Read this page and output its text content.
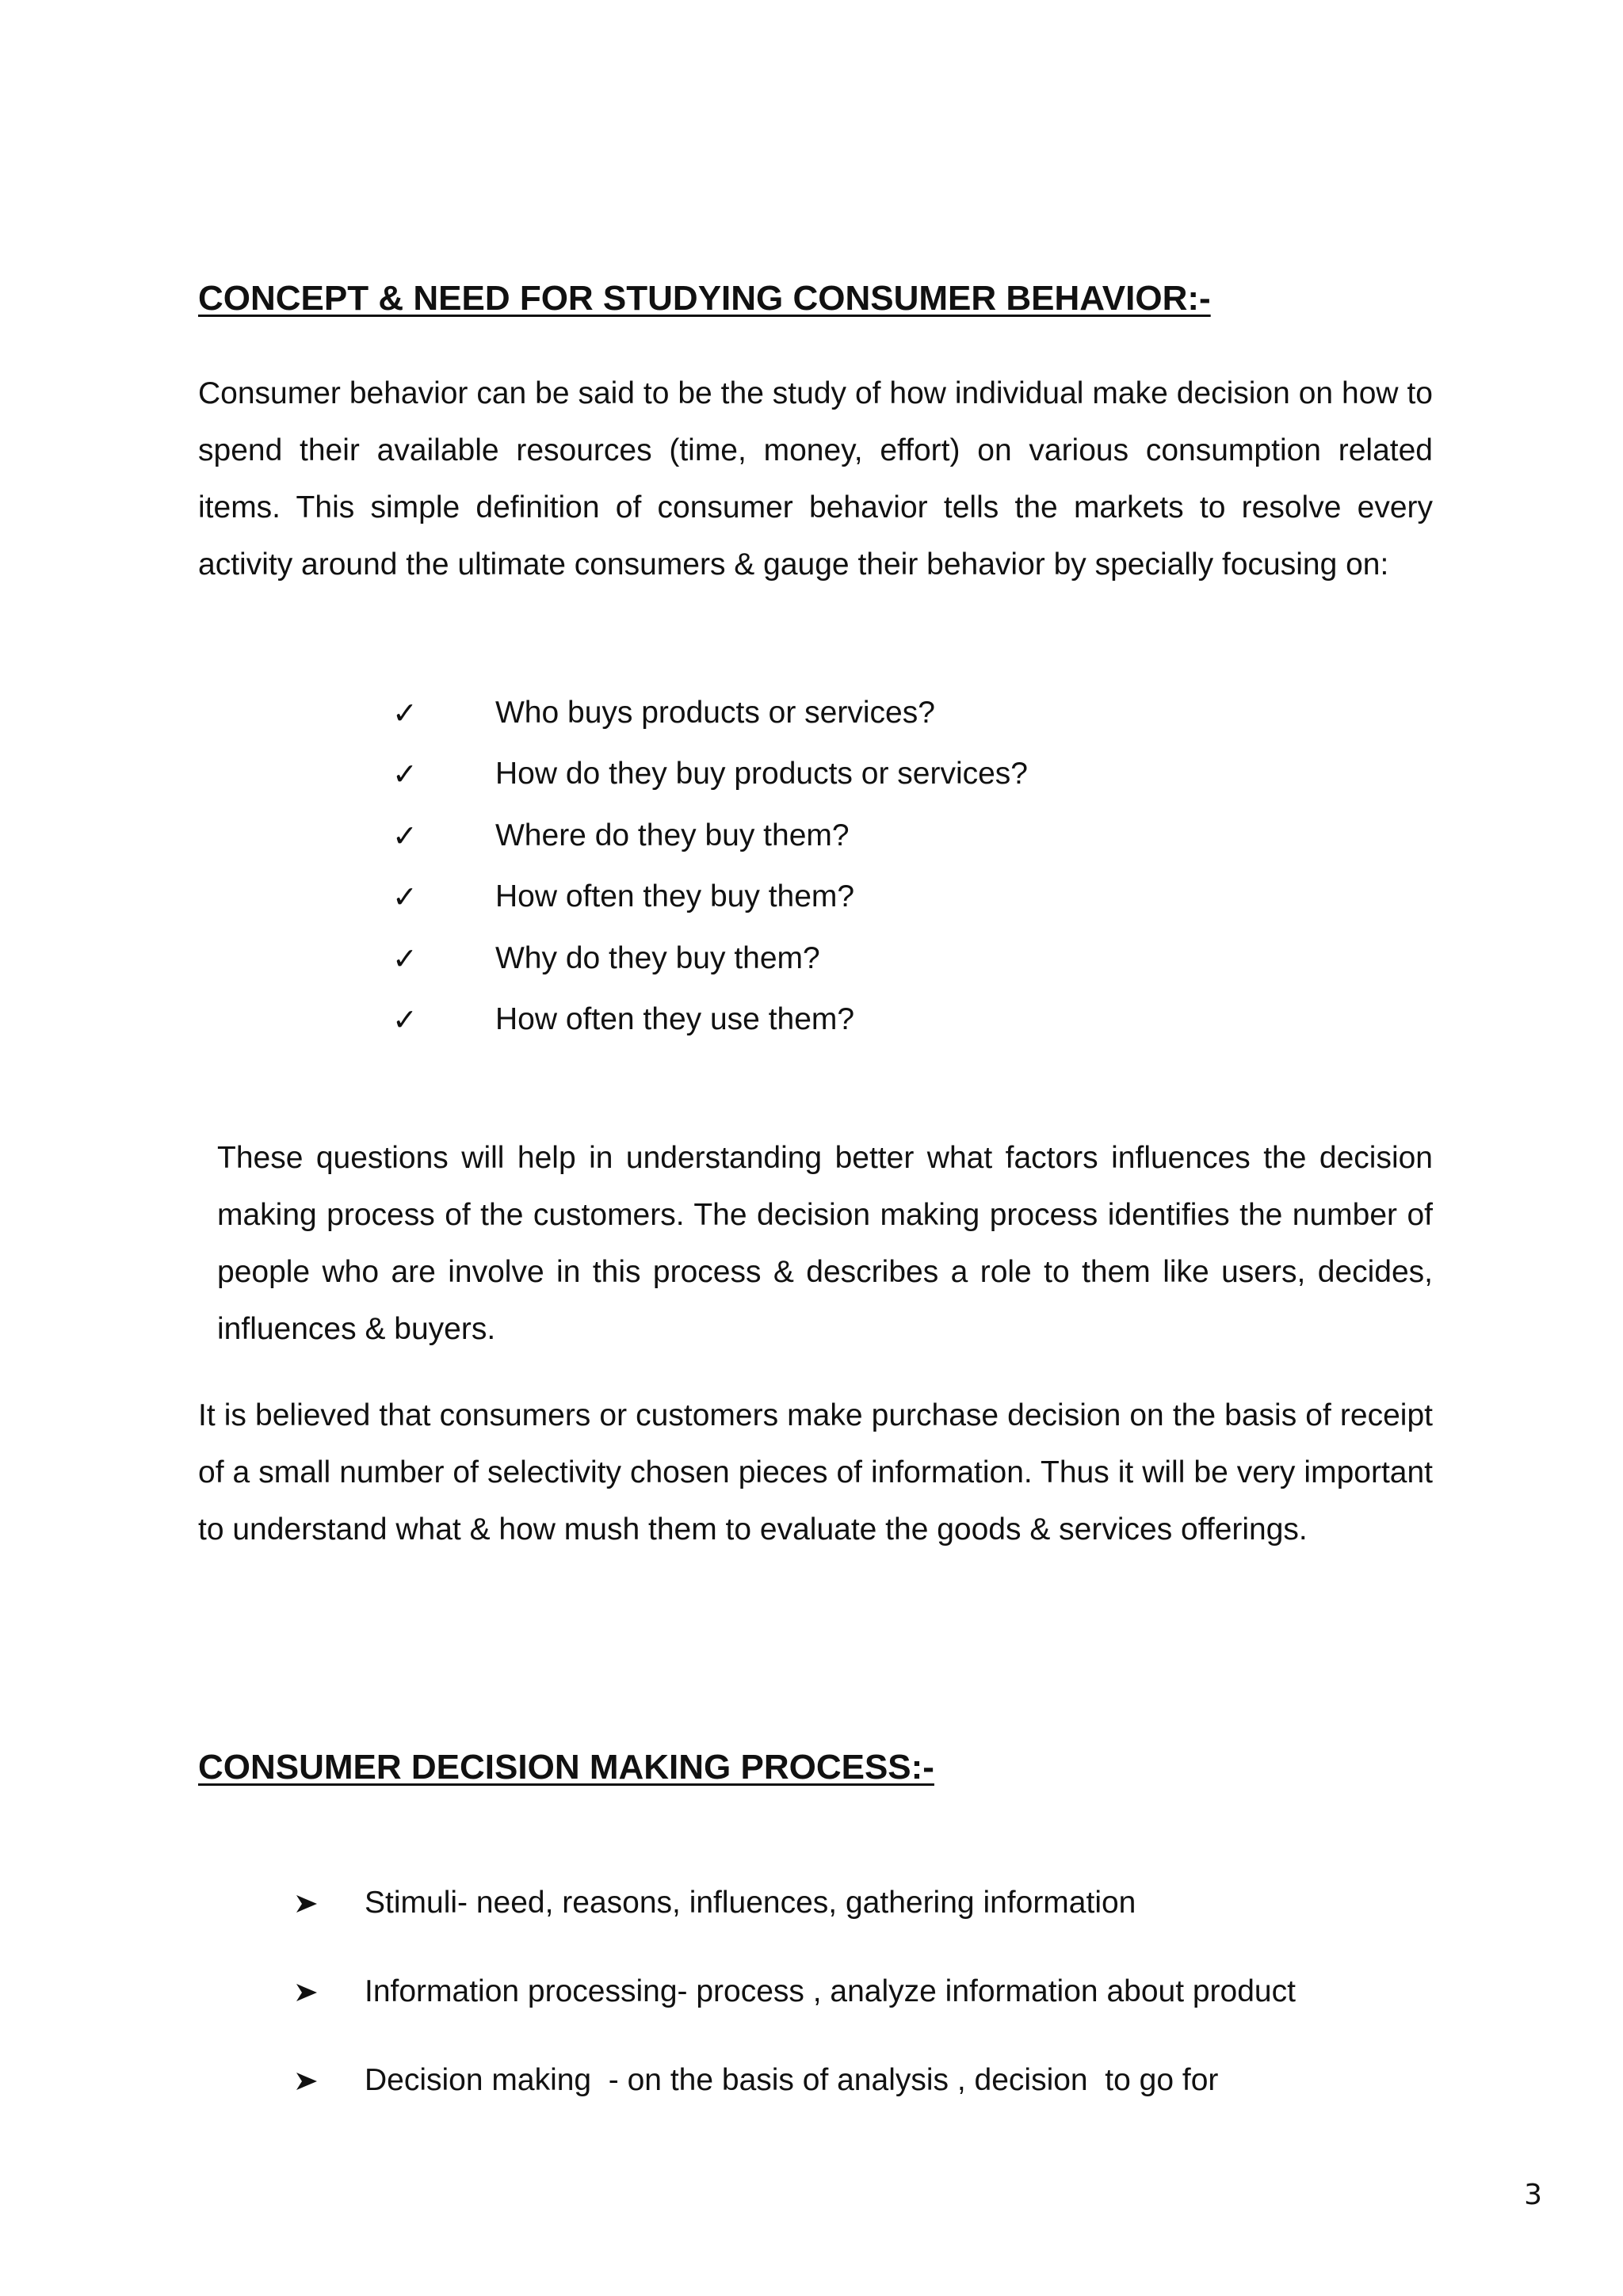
CONCEPT & NEED FOR STUDYING CONSUMER BEHAVIOR:-

Consumer behavior can be said to be the study of how individual make decision on how to spend their available resources (time, money, effort) on various consumption related items. This simple definition of consumer behavior tells the markets to resolve every activity around the ultimate consumers & gauge their behavior by specially focusing on:

✓	Who buys products or services?
✓	How do they buy products or services?
✓	Where do they buy them?
✓	How often they buy them?
✓	Why do they buy them?
✓	How often they use them?

These questions will help in understanding better what factors influences the decision making process of the customers. The decision making process identifies the number of people who are involve in this process & describes a role to them like users, decides, influences & buyers.

It is believed that consumers or customers make purchase decision on the basis of receipt of a small number of selectivity chosen pieces of information. Thus it will be very important to understand what & how mush them to evaluate the goods & services offerings.

CONSUMER DECISION MAKING PROCESS:-

Stimuli- need, reasons, influences, gathering information

Information processing- process , analyze information about product

Decision making  - on the basis of analysis , decision  to go for

3
